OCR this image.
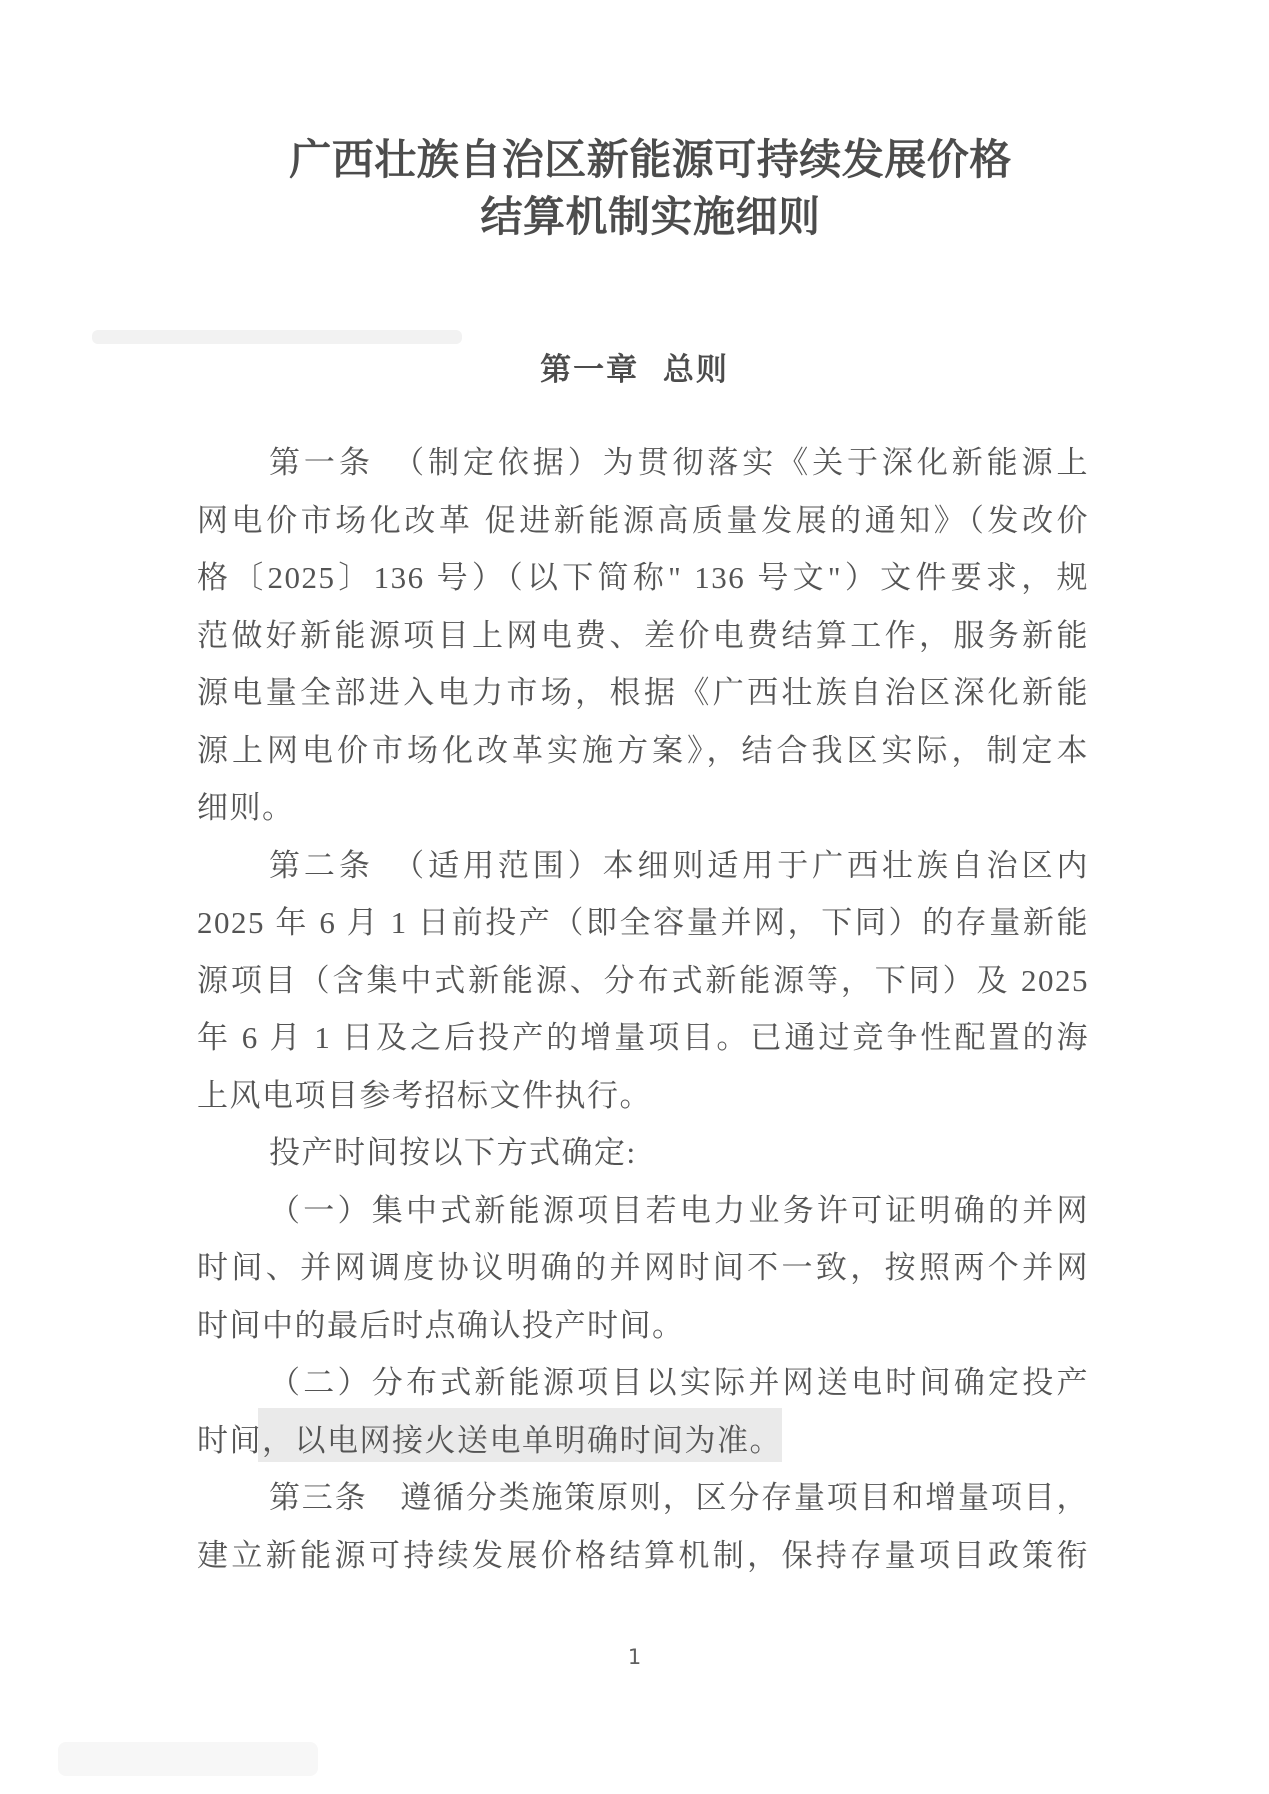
广西壮族自治区新能源可持续发展价格
结算机制实施细则
第一章 总则
第一条　（制定依据）为贯彻落实《关于深化新能源上
网电价市场化改革 促进新能源高质量发展的通知》（发改价
格〔2025〕136 号）（以下简称" 136 号文"）文件要求，规
范做好新能源项目上网电费、差价电费结算工作，服务新能
源电量全部进入电力市场，根据《广西壮族自治区深化新能
源上网电价市场化改革实施方案》，结合我区实际，制定本
细则。
第二条　（适用范围）本细则适用于广西壮族自治区内
2025 年 6 月 1 日前投产（即全容量并网，下同）的存量新能
源项目（含集中式新能源、分布式新能源等，下同）及 2025
年 6 月 1 日及之后投产的增量项目。已通过竞争性配置的海
上风电项目参考招标文件执行。
投产时间按以下方式确定:
（一）集中式新能源项目若电力业务许可证明确的并网
时间、并网调度协议明确的并网时间不一致，按照两个并网
时间中的最后时点确认投产时间。
（二）分布式新能源项目以实际并网送电时间确定投产
时间，以电网接火送电单明确时间为准。
第三条　遵循分类施策原则，区分存量项目和增量项目，
建立新能源可持续发展价格结算机制，保持存量项目政策衔
1
